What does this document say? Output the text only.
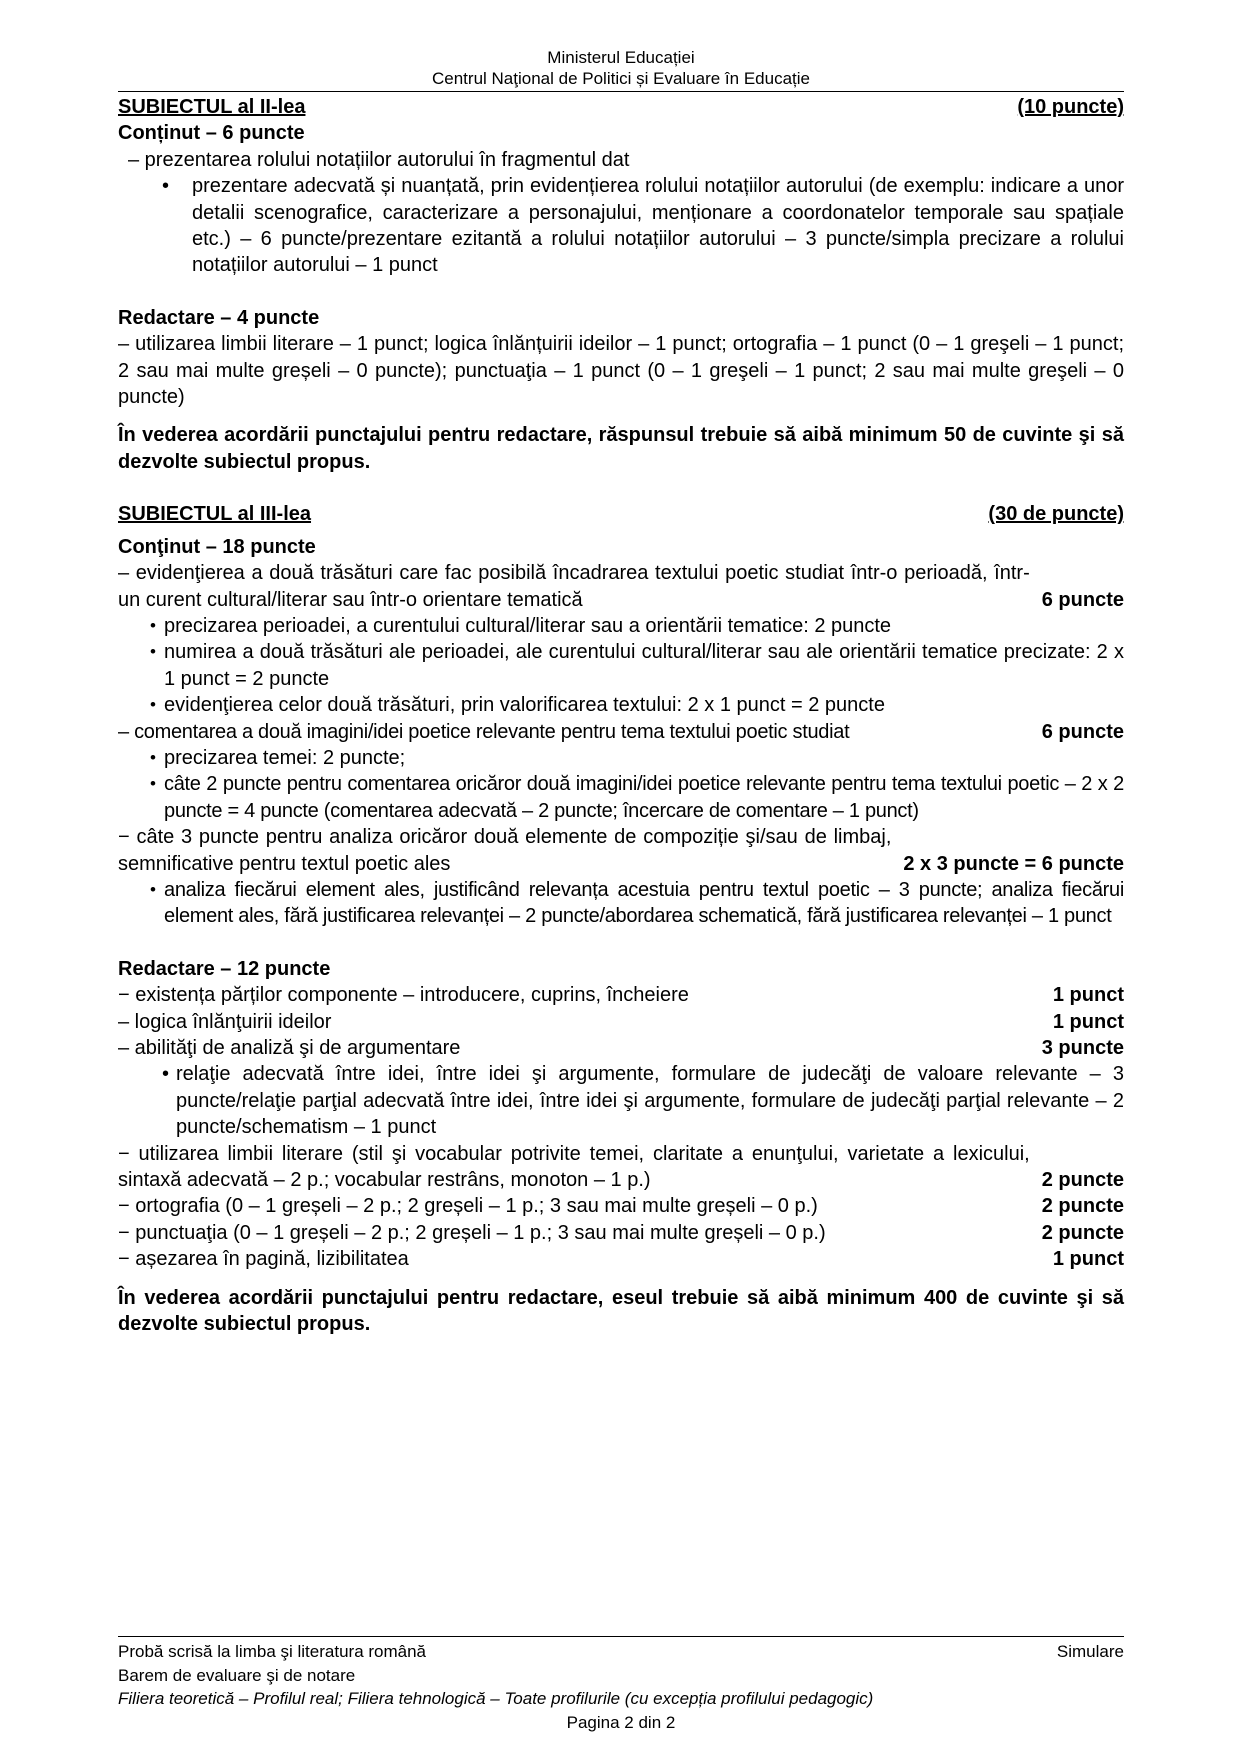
Ministerul Educației
Centrul Naţional de Politici și Evaluare în Educație
SUBIECTUL al II-lea	(10 puncte)
Conținut – 6 puncte
– prezentarea rolului notațiilor autorului în fragmentul dat
• prezentare adecvată și nuanțată, prin evidențierea rolului notațiilor autorului (de exemplu: indicare a unor detalii scenografice, caracterizare a personajului, menționare a coordonatelor temporale sau spațiale etc.) – 6 puncte/prezentare ezitantă a rolului notațiilor autorului – 3 puncte/simpla precizare a rolului notațiilor autorului – 1 punct
Redactare – 4 puncte
– utilizarea limbii literare – 1 punct; logica înlănțuirii ideilor – 1 punct; ortografia – 1 punct (0 – 1 greşeli – 1 punct; 2 sau mai multe greșeli – 0 puncte); punctuaţia – 1 punct (0 – 1 greşeli – 1 punct; 2 sau mai multe greşeli – 0 puncte)
În vederea acordării punctajului pentru redactare, răspunsul trebuie să aibă minimum 50 de cuvinte şi să dezvolte subiectul propus.
SUBIECTUL al III-lea	(30 de puncte)
Conţinut – 18 puncte
– evidenţierea a două trăsături care fac posibilă încadrarea textului poetic studiat într-o perioadă, într-un curent cultural/literar sau într-o orientare tematică	6 puncte
• precizarea perioadei, a curentului cultural/literar sau a orientării tematice: 2 puncte
• numirea a două trăsături ale perioadei, ale curentului cultural/literar sau ale orientării tematice precizate: 2 x 1 punct = 2 puncte
• evidenţierea celor două trăsături, prin valorificarea textului: 2 x 1 punct = 2 puncte
– comentarea a două imagini/idei poetice relevante pentru tema textului poetic studiat	6 puncte
• precizarea temei: 2 puncte;
• câte 2 puncte pentru comentarea oricăror două imagini/idei poetice relevante pentru tema textului poetic – 2 x 2 puncte = 4 puncte (comentarea adecvată – 2 puncte; încercare de comentare – 1 punct)
− câte 3 puncte pentru analiza oricăror două elemente de compoziție şi/sau de limbaj, semnificative pentru textul poetic ales	2 x 3 puncte = 6 puncte
• analiza fiecărui element ales, justificând relevanța acestuia pentru textul poetic – 3 puncte; analiza fiecărui element ales, fără justificarea relevanței – 2 puncte/abordarea schematică, fără justificarea relevanței – 1 punct
Redactare – 12 puncte
− existența părților componente – introducere, cuprins, încheiere	1 punct
– logica înlănţuirii ideilor	1 punct
– abilităţi de analiză şi de argumentare	3 puncte
• relaţie adecvată între idei, între idei şi argumente, formulare de judecăţi de valoare relevante – 3 puncte/relaţie parţial adecvată între idei, între idei şi argumente, formulare de judecăţi parţial relevante – 2 puncte/schematism – 1 punct
− utilizarea limbii literare (stil şi vocabular potrivite temei, claritate a enunţului, varietate a lexicului, sintaxă adecvată – 2 p.; vocabular restrâns, monoton – 1 p.)	2 puncte
− ortografia (0 – 1 greșeli – 2 p.; 2 greșeli – 1 p.; 3 sau mai multe greșeli – 0 p.)	2 puncte
− punctuaţia (0 – 1 greșeli – 2 p.; 2 greșeli – 1 p.; 3 sau mai multe greșeli – 0 p.)	2 puncte
− așezarea în pagină, lizibilitatea	1 punct
În vederea acordării punctajului pentru redactare, eseul trebuie să aibă minimum 400 de cuvinte şi să dezvolte subiectul propus.
Probă scrisă la limba şi literatura română	Simulare
Barem de evaluare şi de notare
Filiera teoretică – Profilul real; Filiera tehnologică – Toate profilurile (cu excepția profilului pedagogic)
Pagina 2 din 2
